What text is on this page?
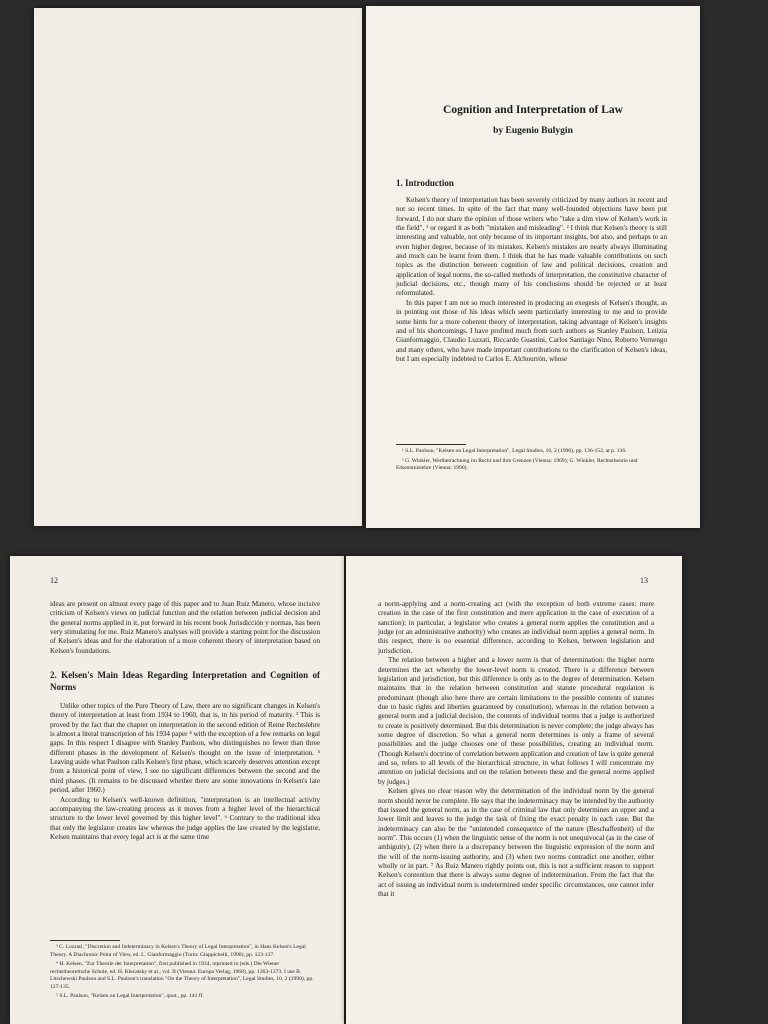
Cognition and Interpretation of Law

by Eugenio Bulygin

1. Introduction

Kelsen's theory of interpretation has been severely criticized by many authors in recent and not so recent times. In spite of the fact that many well-founded objections have been put forward, I do not share the opinion of those writers who "take a dim view of Kelsen's work in the field", ¹ or regard it as both "mistaken and misleading". ² I think that Kelsen's theory is still interesting and valuable, not only because of its important insights, but also, and perhaps to an even higher degree, because of its mistakes. Kelsen's mistakes are nearly always illuminating and much can be learnt from them. I think that he has made valuable contributions on such topics as the distinction between cognition of law and political decisions, creation and application of legal norms, the so-called methods of interpretation, the constitutive character of judicial decisions, etc., though many of his conclusions should be rejected or at least reformulated.

In this paper I am not so much interested in producing an exegesis of Kelsen's thought, as in pointing out those of his ideas which seem particularly interesting to me and to provide some hints for a more coherent theory of interpretation, taking advantage of Kelsen's insights and of his shortcomings. I have profited much from such authors as Stanley Paulson, Letizia Gianformaggio, Claudio Luzzati, Riccardo Guastini, Carlos Santiago Nino, Roberto Vernengo and many others, who have made important contributions to the clarification of Kelsen's ideas, but I am especially indebted to Carlos E. Alchourrón, whose

¹ S.L. Paulson, "Kelsen on Legal Interpretation", Legal Studies, 10, 2 (1990), pp. 136-152, at p. 136.

² G. Winkler, Wertbetrachtung im Recht und ihre Grenzen (Vienna: 1969); G. Winkler, Rechtstheorie und Erkenntnislehre (Vienna: 1990).

12

ideas are present on almost every page of this paper and to Juan Ruiz Manero, whose incisive criticism of Kelsen's views on judicial function and the relation between judicial decision and the general norms applied in it, put forward in his recent book Jurisdicción y normas, has been very stimulating for me. Ruiz Manero's analyses will provide a starting point for the discussion of Kelsen's ideas and for the elaboration of a more coherent theory of interpretation based on Kelsen's foundations.

2. Kelsen's Main Ideas Regarding Interpretation and Cognition of Norms

Unlike other topics of the Pure Theory of Law, there are no significant changes in Kelsen's theory of interpretation at least from 1934 to 1960, that is, in his period of maturity. ³ This is proved by the fact that the chapter on interpretation in the second edition of Reine Rechtslehre is almost a literal transcription of his 1934 paper ⁴ with the exception of a few remarks on legal gaps. In this respect I disagree with Stanley Paulson, who distinguishes no fewer than three different phases in the development of Kelsen's thought on the issue of interpretation. ⁵ Leaving aside what Paulson calls Kelsen's first phase, which scarcely deserves attention except from a historical point of view, I see no significant differences between the second and the third phases. (It remains to be discussed whether there are some innovations in Kelsen's late period, after 1960.)

According to Kelsen's well-known definition, "interpretation is an intellectual activity accompanying the law-creating process as it moves from a higher level of the hierarchical structure to the lower level governed by this higher level". ⁶ Contrary to the traditional idea that only the legislator creates law whereas the judge applies the law created by the legislator, Kelsen maintains that every legal act is at the same time

³ C. Luzzati, "Discretion and Indeterminacy in Kelsen's Theory of Legal Interpretation", in Hans Kelsen's Legal Theory. A Diachronic Point of View, ed. L. Gianformaggio (Turin: Giappichelli, 1990), pp. 123-137.

⁴ H. Kelsen, "Zur Theorie der Interpretation", first published in 1934, reprinted in (eds.) Die Wiener rechtstheoretische Schule, ed. H. Klecatsky et al., vol. II (Vienna: Europa Verlag, 1968), pp. 1363-1373. I use B. Litschewski Paulson and S.L. Paulson's translation "On the Theory of Interpretation", Legal Studies, 10, 2 (1990), pp. 127-135.

⁵ S.L. Paulson, "Kelsen on Legal Interpretation", quot., pp. 141 ff.

13

a norm-applying and a norm-creating act (with the exception of both extreme cases: mere creation in the case of the first constitution and mere application in the case of execution of a sanction); in particular, a legislator who creates a general norm applies the constitution and a judge (or an administrative authority) who creates an individual norm applies a general norm. In this respect, there is no essential difference, according to Kelsen, between legislation and jurisdiction.

The relation between a higher and a lower norm is that of determination: the higher norm determines the act whereby the lower-level norm is created. There is a difference between legislation and jurisdiction, but this difference is only as to the degree of determination. Kelsen maintains that in the relation between constitution and statute procedural regulation is predominant (though also here there are certain limitations to the possible contents of statutes due to basic rights and liberties guaranteed by constitution), whereas in the relation between a general norm and a judicial decision, the contents of individual norms that a judge is authorized to create is positively determined. But this determination is never complete; the judge always has some degree of discretion. So what a general norm determines is only a frame of several possibilities and the judge chooses one of these possibilities, creating an individual norm. (Though Kelsen's doctrine of correlation between application and creation of law is quite general and so, refers to all levels of the hierarchical structure, in what follows I will concentrate my attention on judicial decisions and on the relation between these and the general norms applied by judges.)

Kelsen gives no clear reason why the determination of the individual norm by the general norm should never be complete. He says that the indeterminacy may be intended by the authority that issued the general norm, as in the case of criminal law that only determines an upper and a lower limit and leaves to the judge the task of fixing the exact penalty in each case. But the indeterminacy can also be the "unintended consequence of the nature (Beschaffenheit) of the norm". This occurs (1) when the linguistic sense of the norm is not unequivocal (as in the case of ambiguity), (2) when there is a discrepancy between the linguistic expression of the norm and the will of the norm-issuing authority, and (3) when two norms contradict one another, either wholly or in part. ⁷ As Ruiz Manero rightly points out, this is not a sufficient reason to support Kelsen's contention that there is always some degree of indetermination. From the fact that the act of issuing an individual norm is undetermined under specific circumstances, one cannot infer that it
